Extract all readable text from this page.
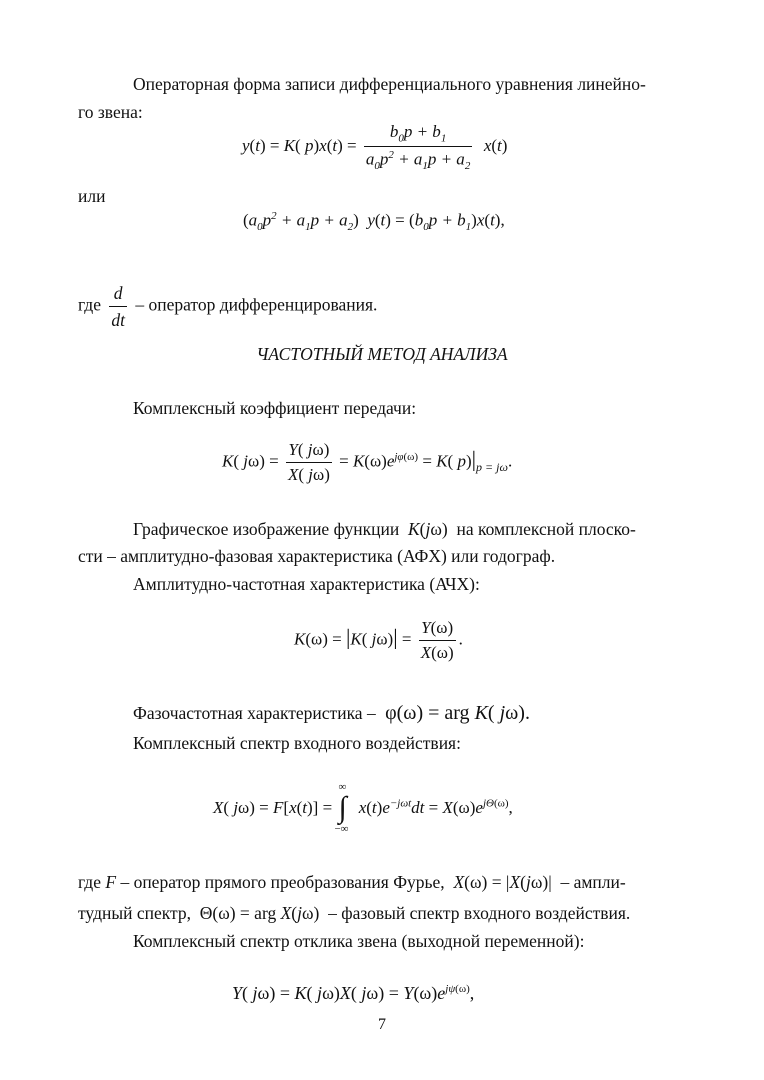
Операторная форма записи дифференциального уравнения линейно-
го звена:
y(t) = K( $p)x(t) = \frac{b_0p + b_1}{a_0p^2 + a_1p + a_2} x(t)$
или
$(a_0p^2 + a_1p + a_2) y(t) = (b_0p + b_1)x(t)$,
где $\frac{d}{dt}$ – оператор дифференцирования.
ЧАСТОТНЫЙ МЕТОД АНАЛИЗА
Комплексный коэффициент передачи:
K( $j\omega) = \frac{Y( j\omega)}{X( j\omega)} = K(\omega)e^{j\varphi(\omega)} = K$( $p)|_{p = j\omega}$.
Графическое изображение функции K(jω)  на комплексной плоско-
сти – амплитудно-фазовая характеристика (АФХ) или годограф.
Амплитудно-частотная характеристика (АЧХ):
K(ω) = |K( $j\omega)| = \frac{Y(\omega)}{X(\omega)}$ .
Фазочастотная характеристика –  φ(ω) = arg K( jω).
Комплексный спектр входного воздействия:
X( jω) = F[x(t)] =
∞
∫
−∞
$x(t)e^{-j\omega t}dt = X(\omega)e^{j\Theta(\omega)}$,
где F – оператор прямого преобразования Фурье, X(ω) = |X(jω)|  – ампли-
тудный спектр,  Θ(ω) = arg X(jω)  – фазовый спектр входного воздействия.
Комплексный спектр отклика звена (выходной переменной):
Y( jω) = K( jω)X( $j\omega) = Y(\omega)e^{j\psi(\omega)}$,
7
